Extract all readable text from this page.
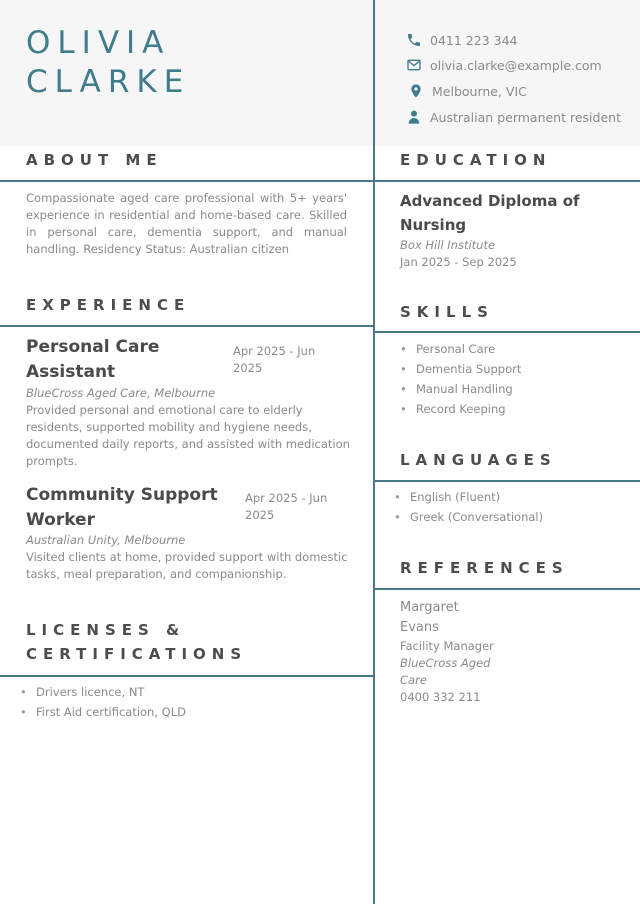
OLIVIA
CLARKE
0411 223 344
olivia.clarke@example.com
Melbourne, VIC
Australian permanent resident
ABOUT ME
Compassionate aged care professional with 5+ years' experience in residential and home-based care. Skilled in personal care, dementia support, and manual handling. Residency Status: Australian citizen
EXPERIENCE
Personal Care
Assistant
Apr 2025 - Jun
2025
BlueCross Aged Care, Melbourne
Provided personal and emotional care to elderly residents, supported mobility and hygiene needs, documented daily reports, and assisted with medication prompts.
Community Support
Worker
Apr 2025 - Jun
2025
Australian Unity, Melbourne
Visited clients at home, provided support with domestic tasks, meal preparation, and companionship.
LICENSES &
CERTIFICATIONS
• Drivers licence, NT
• First Aid certification, QLD
EDUCATION
Advanced Diploma of
Nursing
Box Hill Institute
Jan 2025 - Sep 2025
SKILLS
• Personal Care
• Dementia Support
• Manual Handling
• Record Keeping
LANGUAGES
• English (Fluent)
• Greek (Conversational)
REFERENCES
Margaret
Evans
Facility Manager
BlueCross Aged
Care
0400 332 211
